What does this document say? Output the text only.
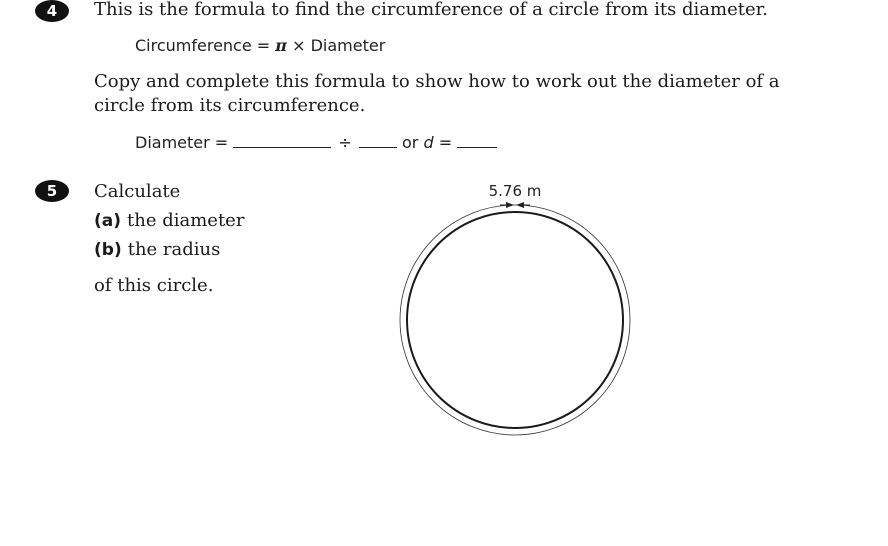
4	This is the formula to find the circumference of a circle from its diameter.
Circumference = π × Diameter
Copy and complete this formula to show how to work out the diameter of a
circle from its circumference.
Diameter =	÷	or d =
5	Calculate
(a) the diameter
(b) the radius
of this circle.
5.76 m
